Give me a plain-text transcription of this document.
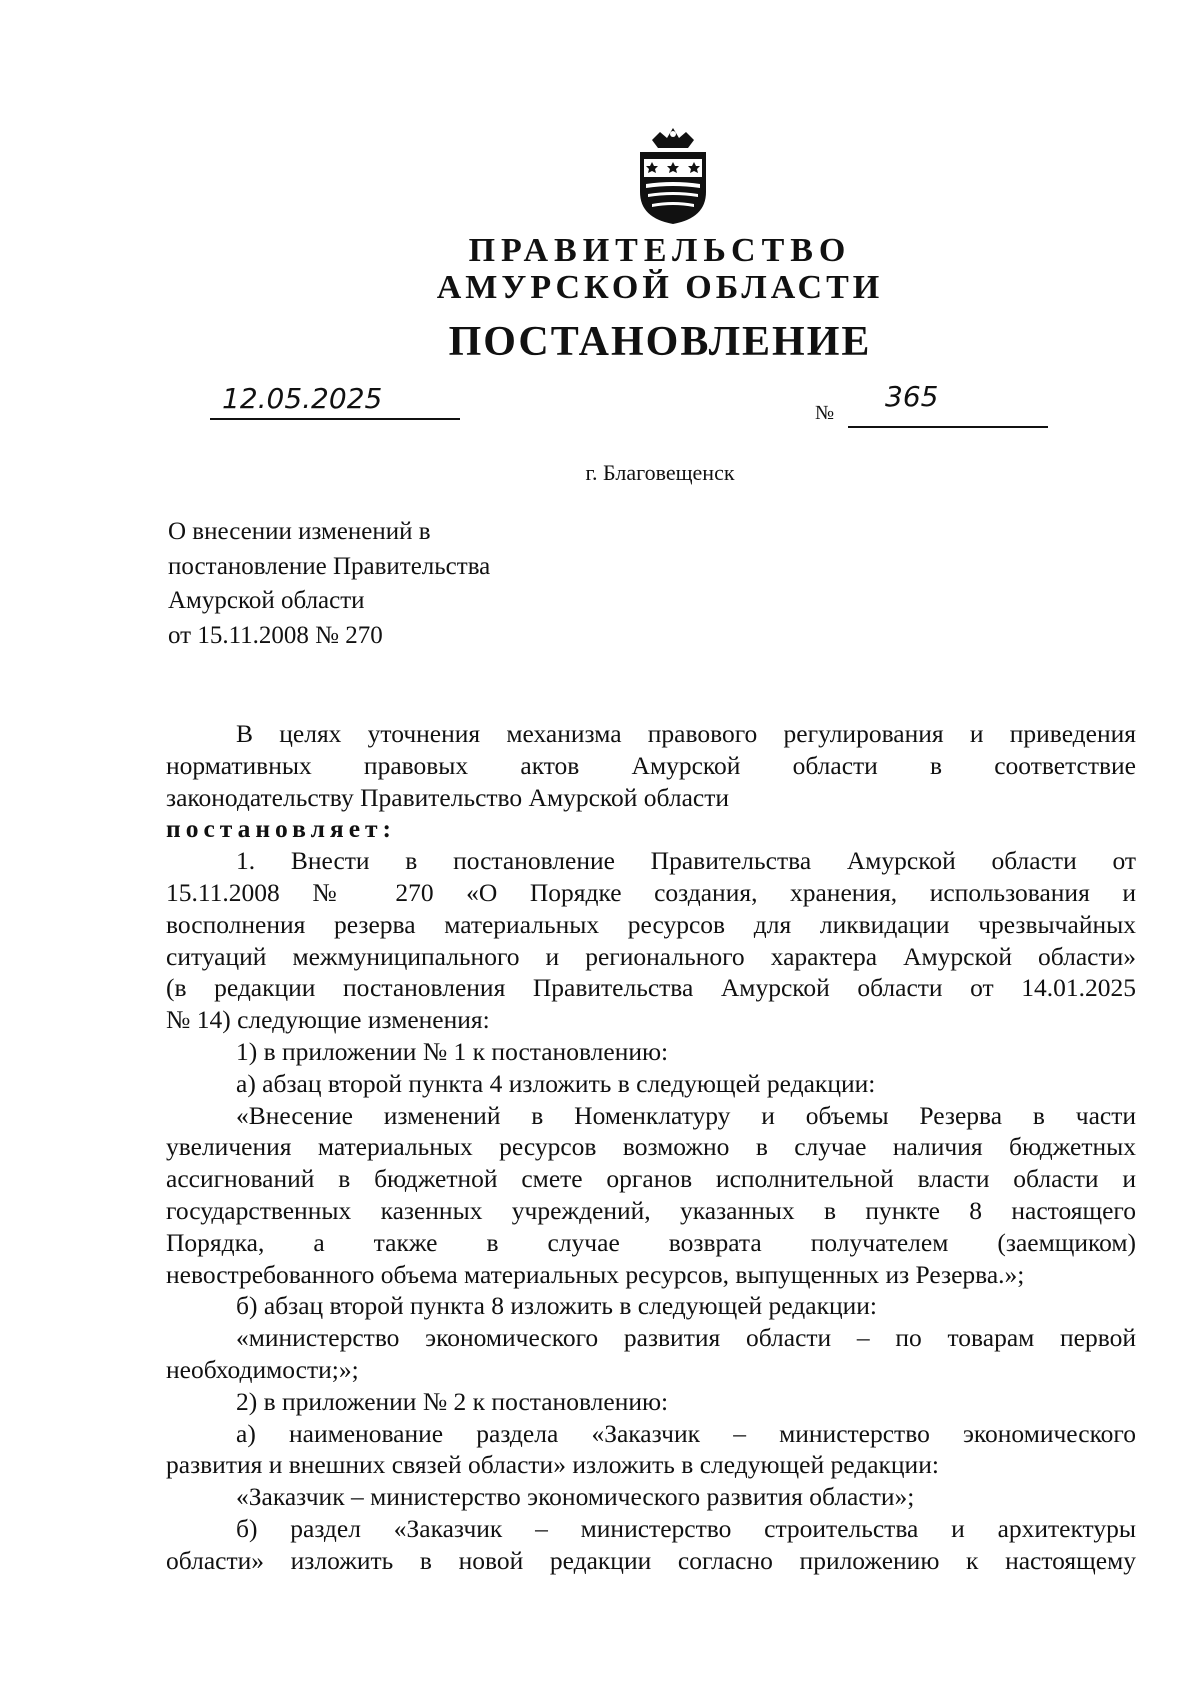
ПРАВИТЕЛЬСТВО
АМУРСКОЙ ОБЛАСТИ
ПОСТАНОВЛЕНИЕ
12.05.2025	№ 365
г. Благовещенск
О внесении изменений в
постановление Правительства
Амурской области
от 15.11.2008 № 270
В целях уточнения механизма правового регулирования и приведения
нормативных правовых актов Амурской области в соответствие
законодательству Правительство Амурской области
постановляет:
1. Внести в постановление Правительства Амурской области от
15.11.2008 № 270 «О Порядке создания, хранения, использования и
восполнения резерва материальных ресурсов для ликвидации чрезвычайных
ситуаций межмуниципального и регионального характера Амурской области»
(в редакции постановления Правительства Амурской области от 14.01.2025
№ 14) следующие изменения:
1) в приложении № 1 к постановлению:
а) абзац второй пункта 4 изложить в следующей редакции:
«Внесение изменений в Номенклатуру и объемы Резерва в части
увеличения материальных ресурсов возможно в случае наличия бюджетных
ассигнований в бюджетной смете органов исполнительной власти области и
государственных казенных учреждений, указанных в пункте 8 настоящего
Порядка, а также в случае возврата получателем (заемщиком)
невостребованного объема материальных ресурсов, выпущенных из Резерва.»;
б) абзац второй пункта 8 изложить в следующей редакции:
«министерство экономического развития области – по товарам первой
необходимости;»;
2) в приложении № 2 к постановлению:
а) наименование раздела «Заказчик – министерство экономического
развития и внешних связей области» изложить в следующей редакции:
«Заказчик – министерство экономического развития области»;
б) раздел «Заказчик – министерство строительства и архитектуры
области» изложить в новой редакции согласно приложению к настоящему
